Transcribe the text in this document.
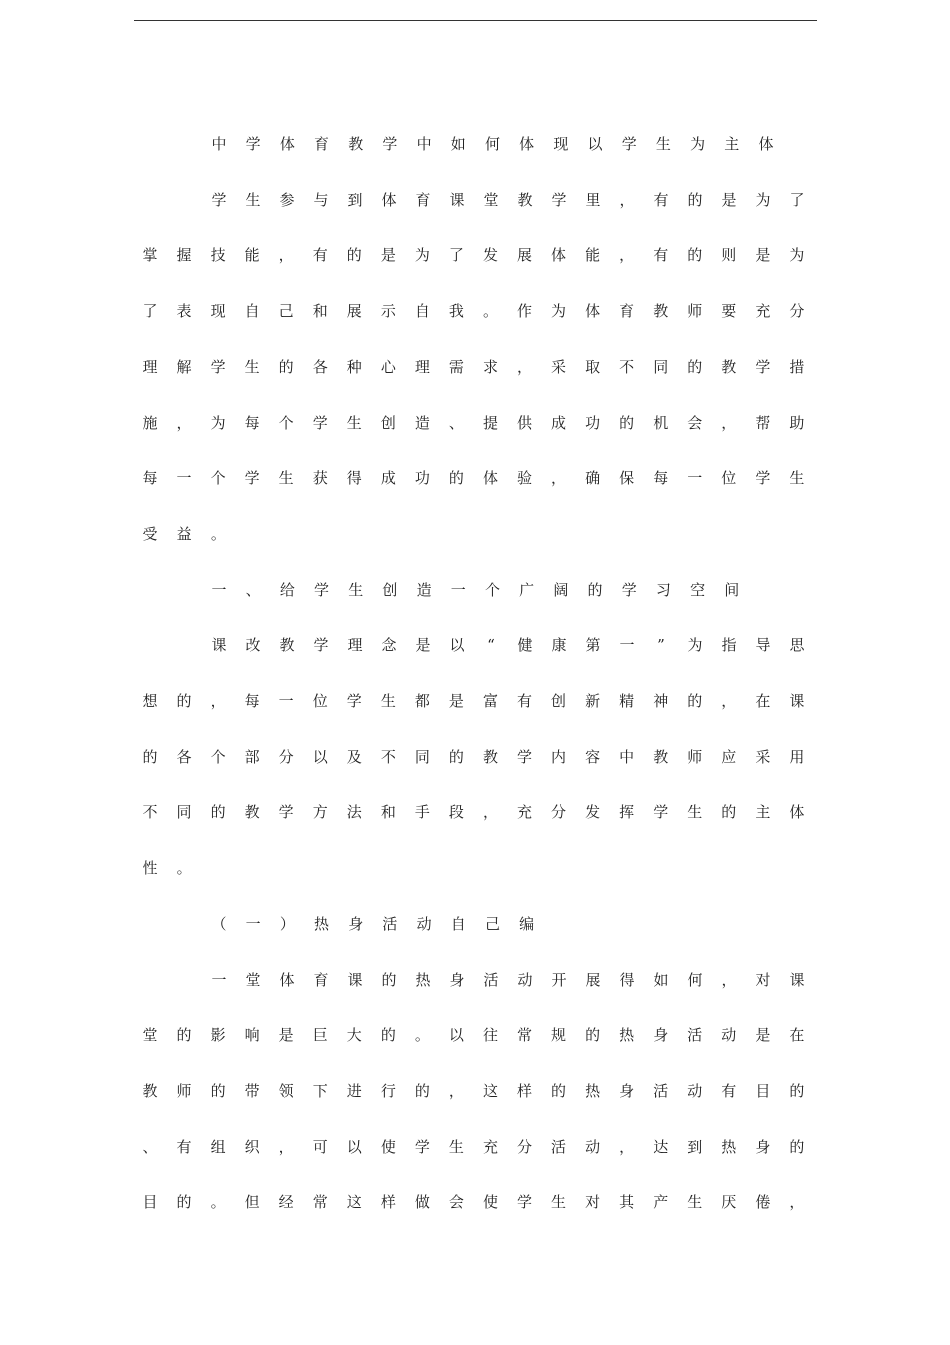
中 学 体 育 教 学 中 如 何 体 现 以 学 生 为 主 体
学 生 参 与 到 体 育 课 堂 教 学 里 ， 有 的 是 为 了
掌 握 技 能 ， 有 的 是 为 了 发 展 体 能 ， 有 的 则 是 为
了 表 现 自 己 和 展 示 自 我 。 作 为 体 育 教 师 要 充 分
理 解 学 生 的 各 种 心 理 需 求 ， 采 取 不 同 的 教 学 措
施 ， 为 每 个 学 生 创 造 、 提 供 成 功 的 机 会 ， 帮 助
每 一 个 学 生 获 得 成 功 的 体 验 ， 确 保 每 一 位 学 生
受 益 。
一 、 给 学 生 创 造 一 个 广 阔 的 学 习 空 间
课 改 教 学 理 念 是 以 “ 健 康 第 一 ” 为 指 导 思
想 的 ， 每 一 位 学 生 都 是 富 有 创 新 精 神 的 ， 在 课
的 各 个 部 分 以 及 不 同 的 教 学 内 容 中 教 师 应 采 用
不 同 的 教 学 方 法 和 手 段 ， 充 分 发 挥 学 生 的 主 体
性 。
（ 一 ） 热 身 活 动 自 己 编
一 堂 体 育 课 的 热 身 活 动 开 展 得 如 何 ， 对 课
堂 的 影 响 是 巨 大 的 。 以 往 常 规 的 热 身 活 动 是 在
教 师 的 带 领 下 进 行 的 ， 这 样 的 热 身 活 动 有 目 的
、 有 组 织 ， 可 以 使 学 生 充 分 活 动 ， 达 到 热 身 的
目 的 。 但 经 常 这 样 做 会 使 学 生 对 其 产 生 厌 倦 ，
